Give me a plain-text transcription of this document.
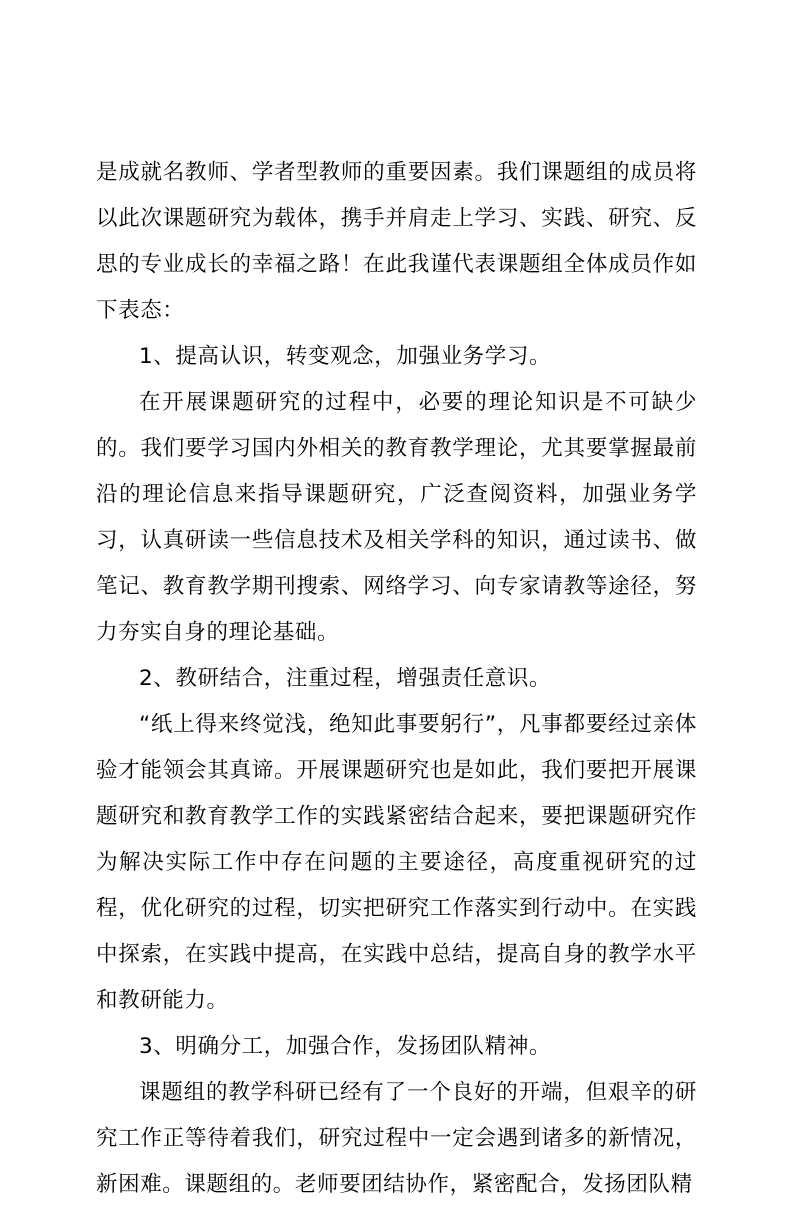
是成就名教师、学者型教师的重要因素。我们课题组的成员将以此次课题研究为载体，携手并肩走上学习、实践、研究、反思的专业成长的幸福之路！在此我谨代表课题组全体成员作如下表态：

1、提高认识，转变观念，加强业务学习。

在开展课题研究的过程中，必要的理论知识是不可缺少的。我们要学习国内外相关的教育教学理论，尤其要掌握最前沿的理论信息来指导课题研究，广泛查阅资料，加强业务学习，认真研读一些信息技术及相关学科的知识，通过读书、做笔记、教育教学期刊搜索、网络学习、向专家请教等途径，努力夯实自身的理论基础。

2、教研结合，注重过程，增强责任意识。

“纸上得来终觉浅，绝知此事要躬行”，凡事都要经过亲体验才能领会其真谛。开展课题研究也是如此，我们要把开展课题研究和教育教学工作的实践紧密结合起来，要把课题研究作为解决实际工作中存在问题的主要途径，高度重视研究的过程，优化研究的过程，切实把研究工作落实到行动中。在实践中探索，在实践中提高，在实践中总结，提高自身的教学水平和教研能力。

3、明确分工，加强合作，发扬团队精神。

课题组的教学科研已经有了一个良好的开端，但艰辛的研究工作正等待着我们，研究过程中一定会遇到诸多的新情况，新困难。课题组的。老师要团结协作，紧密配合，发扬团队精
